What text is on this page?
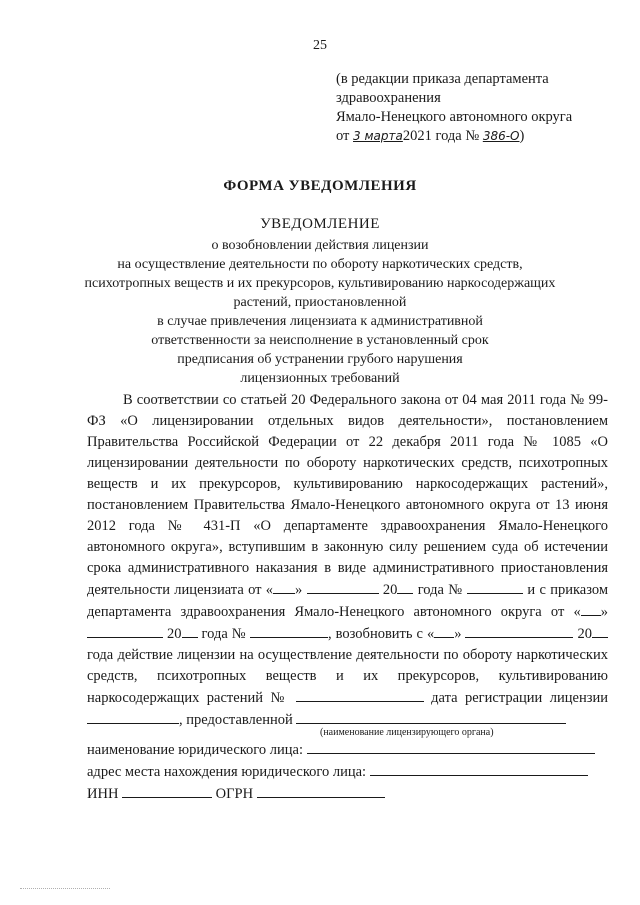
25
(в редакции приказа департамента
здравоохранения
Ямало-Ненецкого автономного округа
от 3 марта2021 года № 386-О)
ФОРМА УВЕДОМЛЕНИЯ
УВЕДОМЛЕНИЕ
о возобновлении действия лицензии
на осуществление деятельности по обороту наркотических средств,
психотропных веществ и их прекурсоров, культивированию наркосодержащих
растений, приостановленной
в случае привлечения лицензиата к административной
ответственности за неисполнение в установленный срок
предписания об устранении грубого нарушения
лицензионных требований

В соответствии со статьей 20 Федерального закона от 04 мая 2011 года № 99-ФЗ «О лицензировании отдельных видов деятельности», постановлением Правительства Российской Федерации от 22 декабря 2011 года № 1085 «О лицензировании деятельности по обороту наркотических средств, психотропных веществ и их прекурсоров, культивированию наркосодержащих растений», постановлением Правительства Ямало-Ненецкого автономного округа от 13 июня 2012 года № 431-П «О департаменте здравоохранения Ямало-Ненецкого автономного округа», вступившим в законную силу решением суда об истечении срока административного наказания в виде административного приостановления деятельности лицензиата от « »	20 года №	и с приказом департамента здравоохранения Ямало-Ненецкого автономного округа от « »  20 года №	, возобновить с « »	20 года действие лицензии на осуществление деятельности по обороту наркотических средств, психотропных веществ и их прекурсоров, культивированию наркосодержащих растений №	дата регистрации лицензии , предоставленной

(наименование лицензирующего органа)
наименование юридического лица:
адрес места нахождения юридического лица:
ИНН	ОГРН
